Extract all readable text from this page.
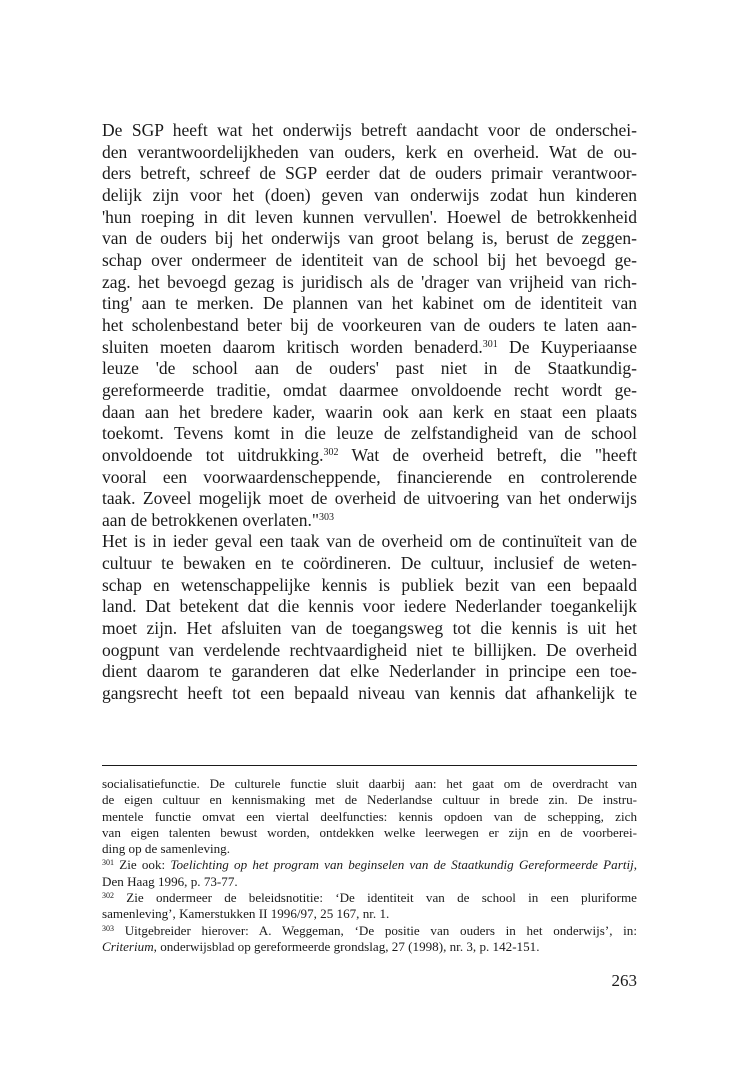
De SGP heeft wat het onderwijs betreft aandacht voor de onderschei-
den verantwoordelijkheden van ouders, kerk en overheid. Wat de ou-
ders betreft, schreef de SGP eerder dat de ouders primair verantwoor-
delijk zijn voor het (doen) geven van onderwijs zodat hun kinderen
'hun roeping in dit leven kunnen vervullen'. Hoewel de betrokkenheid
van de ouders bij het onderwijs van groot belang is, berust de zeggen-
schap over ondermeer de identiteit van de school bij het bevoegd ge-
zag. het bevoegd gezag is juridisch als de 'drager van vrijheid van rich-
ting' aan te merken. De plannen van het kabinet om de identiteit van
het scholenbestand beter bij de voorkeuren van de ouders te laten aan-
sluiten moeten daarom kritisch worden benaderd.$^{301}$ De Kuyperiaanse
leuze 'de school aan de ouders' past niet in de Staatkundig-
gereformeerde traditie, omdat daarmee onvoldoende recht wordt ge-
daan aan het bredere kader, waarin ook aan kerk en staat een plaats
toekomt. Tevens komt in die leuze de zelfstandigheid van de school
onvoldoende tot uitdrukking.$^{302}$ Wat de overheid betreft, die "heeft
vooral een voorwaardenscheppende, financierende en controlerende
taak. Zoveel mogelijk moet de overheid de uitvoering van het onderwijs
aan de betrokkenen overlaten."$^{303}$
Het is in ieder geval een taak van de overheid om de continuïteit van de
cultuur te bewaken en te coördineren. De cultuur, inclusief de weten-
schap en wetenschappelijke kennis is publiek bezit van een bepaald
land. Dat betekent dat die kennis voor iedere Nederlander toegankelijk
moet zijn. Het afsluiten van de toegangsweg tot die kennis is uit het
oogpunt van verdelende rechtvaardigheid niet te billijken. De overheid
dient daarom te garanderen dat elke Nederlander in principe een toe-
gangsrecht heeft tot een bepaald niveau van kennis dat afhankelijk te
socialisatiefunctie. De culturele functie sluit daarbij aan: het gaat om de overdracht van
de eigen cultuur en kennismaking met de Nederlandse cultuur in brede zin. De instru-
mentele functie omvat een viertal deelfuncties: kennis opdoen van de schepping, zich
van eigen talenten bewust worden, ontdekken welke leerwegen er zijn en de voorberei-
ding op de samenleving.
$^{301}$ Zie ook: Toelichting op het program van beginselen van de Staatkundig Gereformeerde Partij,
Den Haag 1996, p. 73-77.
$^{302}$ Zie ondermeer de beleidsnotitie: ‘De identiteit van de school in een pluriforme
samenleving’, Kamerstukken II 1996/97, 25 167, nr. 1.
$^{303}$ Uitgebreider hierover: A. Weggeman, ‘De positie van ouders in het onderwijs’, in:
Criterium, onderwijsblad op gereformeerde grondslag, 27 (1998), nr. 3, p. 142-151.
263
